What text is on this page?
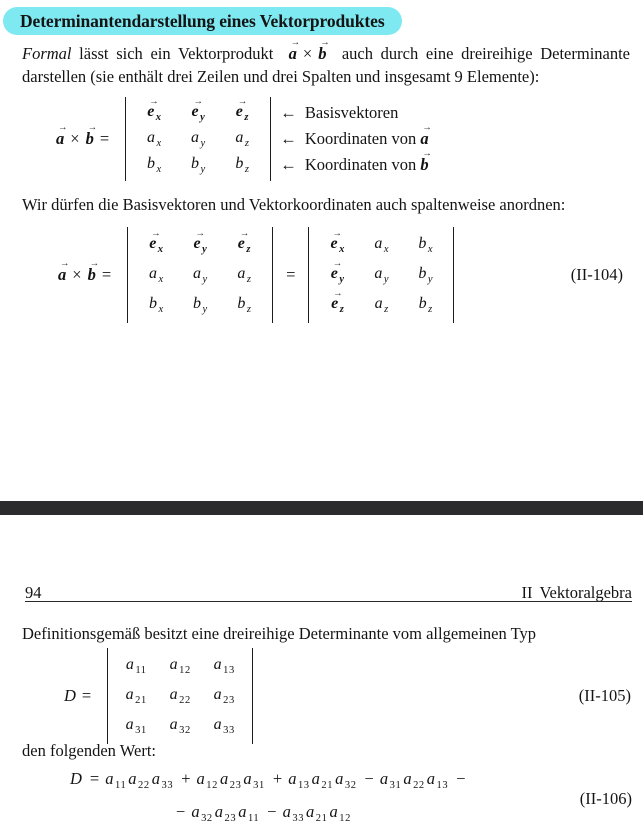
Determinantendarstellung eines Vektorproduktes

Formal lässt sich ein Vektorprodukt  a
→
× b
→
auch durch eine dreireihige Determinante darstellen (sie enthält drei Zeilen und drei Spalten und insgesamt 9 Elemente):

a
→
× b
→
=
e
→
$_x$ e
→
$_y$ e
→
$_z$
a $_x$ a $_y$ a $_z$
b $_x$ b $_y$ b $_z$
← Basisvektoren
← Koordinaten von a
→
← Koordinaten von b
→

Wir dürfen die Basisvektoren und Vektorkoordinaten auch spaltenweise anordnen:

a
→
× b
→
=
e
→
$_x$ e
→
$_y$ e
→
$_z$
a $_x$ a $_y$ a $_z$
b $_x$ b $_y$ b $_z$
=
e
→
$_x$ a $_x$ b $_x$
e
→
$_y$ a $_y$ b $_y$
e
→
$_z$ a $_z$ b $_z$
(II-104)
94	II Vektoralgebra

Definitionsgemäß besitzt eine dreireihige Determinante vom allgemeinen Typ

D =
a $_{11}$ a $_{12}$ a $_{13}$
a $_{21}$ a $_{22}$ a $_{23}$
a $_{31}$ a $_{32}$ a $_{33}$
(II-105)

den folgenden Wert:

D = a $_{11}$ a $_{22}$ a $_{33}$ + a $_{12}$ a $_{23}$ a $_{31}$ + a $_{13}$ a $_{21}$ a $_{32}$ − a $_{31}$ a $_{22}$ a $_{13}$ −
− a $_{32}$ a $_{23}$ a $_{11}$ − a $_{33}$ a $_{21}$ a $_{12}$
(II-106)
